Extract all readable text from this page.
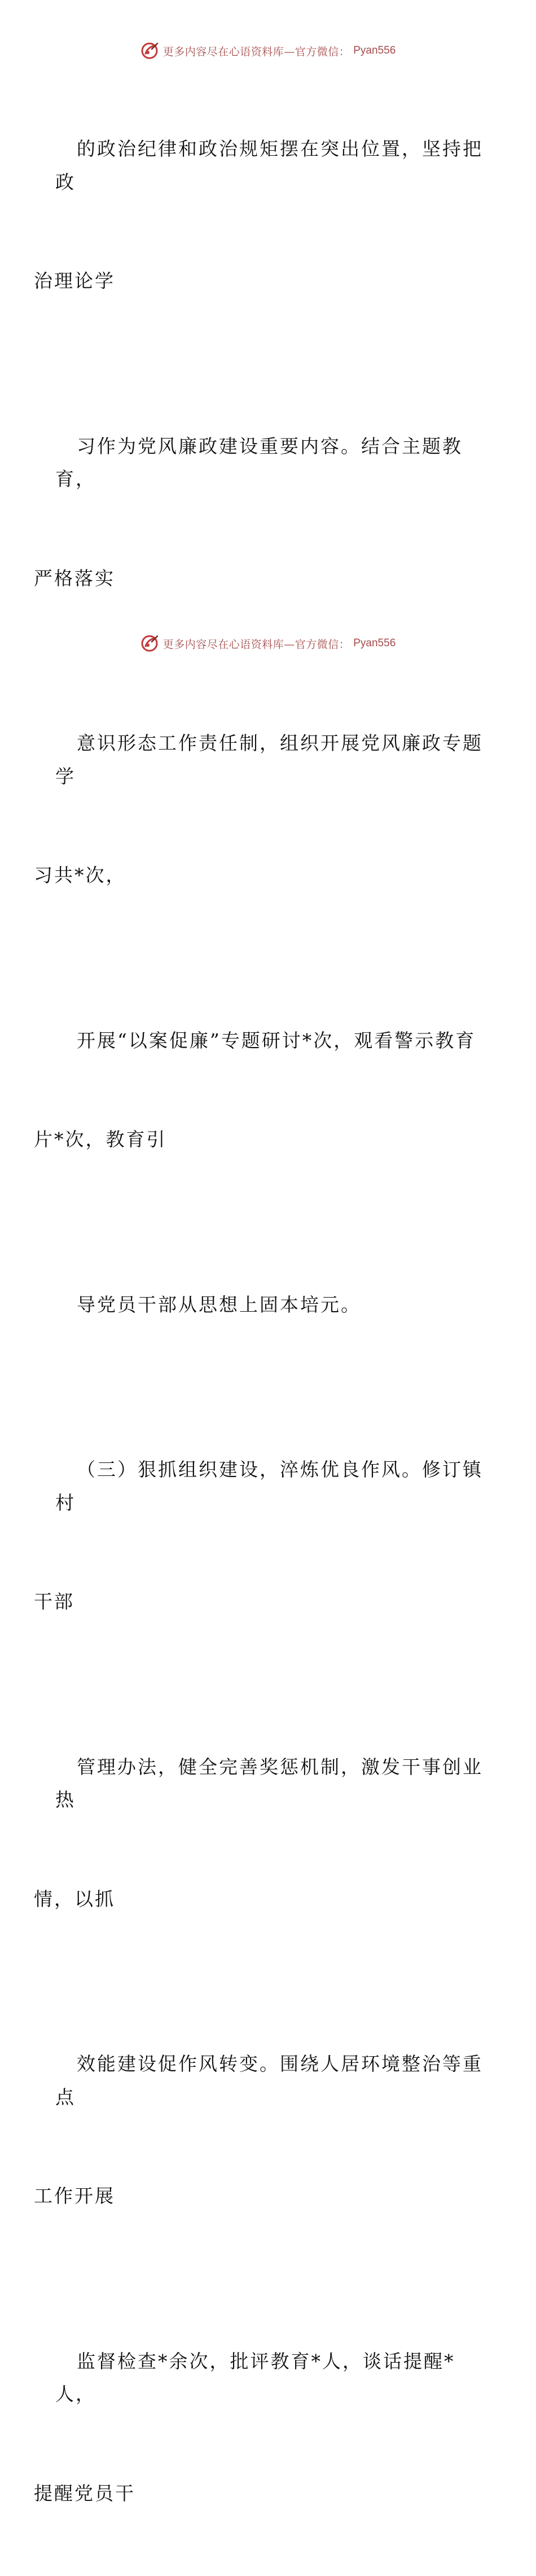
更多内容尽在心语资料库—官方微信： Pyan556

的政治纪律和政治规矩摆在突出位置，坚持把政

治理论学

习作为党风廉政建设重要内容。结合主题教育，

严格落实

意识形态工作责任制，组织开展党风廉政专题学

习共*次，

开展“以案促廉”专题研讨*次，观看警示教育

片*次，教育引

导党员干部从思想上固本培元。

（三）狠抓组织建设，淬炼优良作风。修订镇村

干部

管理办法，健全完善奖惩机制，激发干事创业热

情，以抓

效能建设促作风转变。围绕人居环境整治等重点

工作开展

监督检查*余次，批评教育*人，谈话提醒*人，

提醒党员干

更多内容尽在心语资料库—官方微信： Pyan556
